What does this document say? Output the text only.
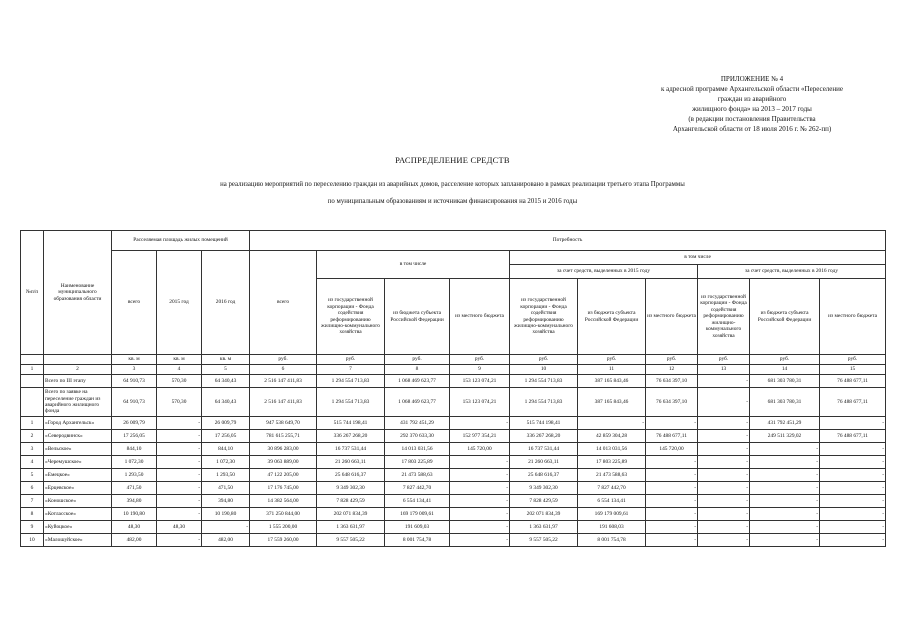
ПРИЛОЖЕНИЕ № 4
к адресной программе Архангельской области «Переселение
граждан из аварийного
жилищного фонда» на 2013 – 2017 годы
(в редакции постановления Правительства
Архангельской области от 18 июля 2016 г. № 262-пп)
РАСПРЕДЕЛЕНИЕ СРЕДСТВ
на реализацию мероприятий по переселению граждан из аварийных домов, расселение которых запланировано в рамках реализации третьего этапа Программы
по муниципальным образованиям и источникам финансирования на 2015 и 2016 годы
№п/п	Наименование муниципального образования области	Расселяемая площадь жилых помещений			Потребность									
		всего	2015 год	2016 год	всего	в том числе			в том числе					
									за счет средств, выделенных в 2015 году			за счет средств, выделенных в 2016 году		
						из государственной корпорации - Фонда содействия реформированию жилищно-коммунального хозяйства	из бюджета субъекта Российской Федерации	из местного бюджета	из государственной корпорации - Фонда содействия реформированию жилищно-коммунального хозяйства	из бюджета субъекта Российской Федерации	из местного бюджета	из государственной корпорации - Фонда содействия реформированию жилищно-коммунального хозяйства	из бюджета субъекта Российской Федерации	из местного бюджета

		кв. м	кв. м	кв. м	руб.	руб.	руб.	руб.	руб.	руб.	руб.	руб.	руб.	руб.
1	2	3	4	5	6	7	8	9	10	11	12	13	14	15
	Всего по III этапу	64 910,73	570,30	64 340,43	2 516 147 411,83	1 294 554 713,83	1 068 469 623,77	153 123 074,21	1 294 554 713,83	387 165 843,46	76 634 397,10	-	681 303 780,31	76 488 677,11
	Всего по заявке на переселение граждан из аварийного жилищного фонда	64 910,73	570,30	64 340,43	2 516 147 411,83	1 294 554 713,83	1 068 469 623,77	153 123 074,21	1 294 554 713,83	387 165 843,46	76 634 397,10	-	681 303 780,31	76 488 677,11
1	«Город Архангельск»	26 009,79	-	26 009,79	947 538 649,70	515 744 198,41	431 792 451,29	-	515 744 198,41	-	-	-	431 792 451,29	-
2	«Северодвинск»	17 256,05	-	17 256,05	781 615 255,71	336 267 268,20	292 370 633,30	152 977 354,21	336 267 268,20	42 859 304,28	76 488 677,11	-	249 511 329,02	76 488 677,11
3	«Вельское»	844,10	-	844,10	30 896 283,00	16 737 531,44	14 013 031,56	145 720,00	16 737 531,44	14 013 031,56	145 720,00	-	-	-
4	«Черемушское»	1 072,30	-	1 072,30	39 063 889,00	21 260 663,11	17 803 225,89	-	21 260 663,11	17 803 225,89	-	-	-	-
5	«Емецкое»	1 293,50	-	1 293,50	47 122 205,00	25 648 616,37	21 473 588,63	-	25 648 616,37	21 473 588,63	-	-	-	-
6	«Ерцевское»	471,50	-	471,50	17 176 745,00	9 349 302,30	7 827 442,70	-	9 349 302,30	7 827 442,70	-	-	-	-
7	«Коношское»	394,80	-	394,80	14 382 564,00	7 828 429,59	6 554 134,41	-	7 828 429,59	6 554 134,41	-	-	-	-
8	«Котласское»	10 190,80	-	10 190,80	371 250 844,00	202 071 834,39	169 179 009,61	-	202 071 834,39	169 179 009,61	-	-	-	-
9	«Куйоцкое»	48,30	48,30	-	1 555 200,00	1 363 631,97	191 609,03	-	1 363 631,97	191 608,03	-	-	-	-
10	«Малошуйское»	482,00	-	482,00	17 559 260,00	9 557 505,22	8 001 754,78	-	9 557 505,22	8 001 754,78	-	-	-	-
